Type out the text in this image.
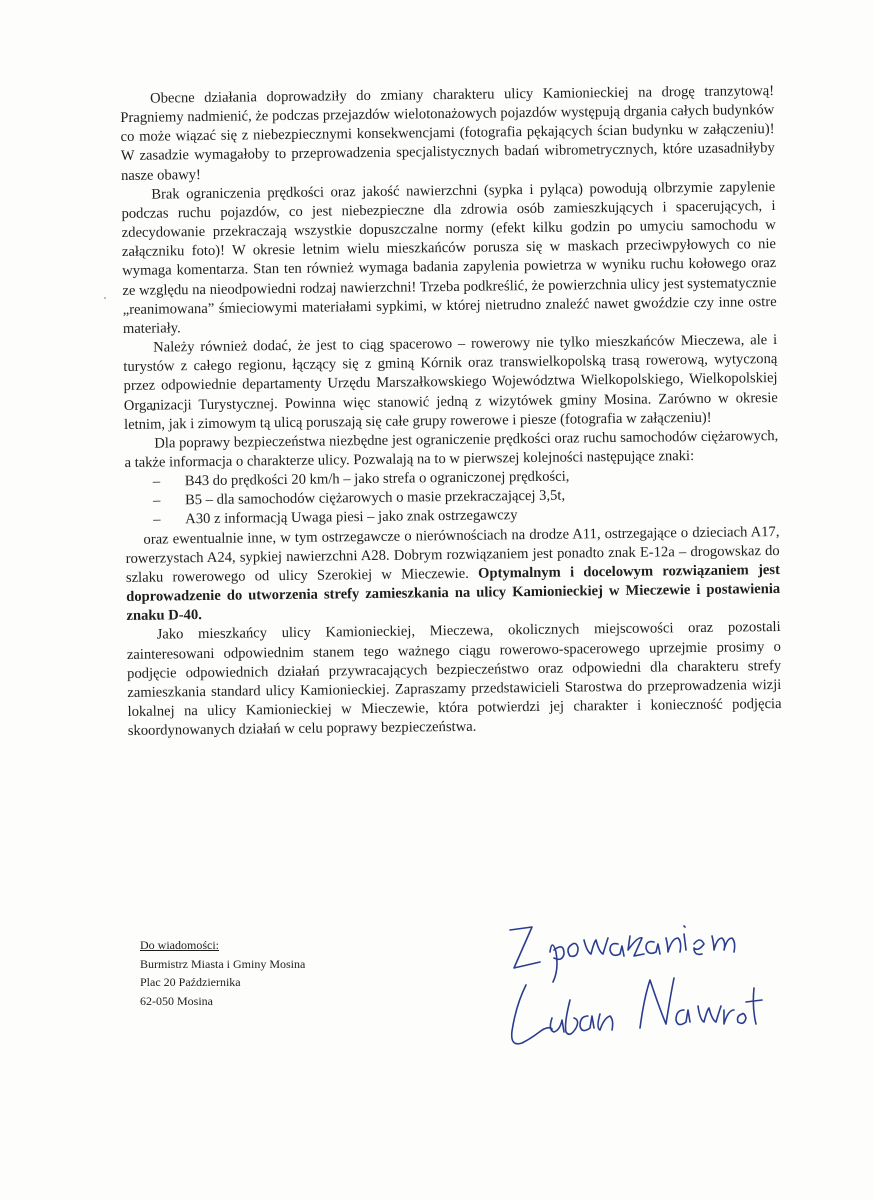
Obecne działania doprowadziły do zmiany charakteru ulicy Kamionieckiej na drogę tranzytową! Pragniemy nadmienić, że podczas przejazdów wielotonażowych pojazdów występują drgania całych budynków co może wiązać się z niebezpiecznymi konsekwencjami (fotografia pękających ścian budynku w załączeniu)! W zasadzie wymagałoby to przeprowadzenia specjalistycznych badań wibrometrycznych, które uzasadniłyby nasze obawy!

Brak ograniczenia prędkości oraz jakość nawierzchni (sypka i pyląca) powodują olbrzymie zapylenie podczas ruchu pojazdów, co jest niebezpieczne dla zdrowia osób zamieszkujących i spacerujących, i zdecydowanie przekraczają wszystkie dopuszczalne normy (efekt kilku godzin po umyciu samochodu w załączniku foto)! W okresie letnim wielu mieszkańców porusza się w maskach przeciwpyłowych co nie wymaga komentarza. Stan ten również wymaga badania zapylenia powietrza w wyniku ruchu kołowego oraz ze względu na nieodpowiedni rodzaj nawierzchni! Trzeba podkreślić, że powierzchnia ulicy jest systematycznie „reanimowana” śmieciowymi materiałami sypkimi, w której nietrudno znaleźć nawet gwoździe czy inne ostre materiały.

Należy również dodać, że jest to ciąg spacerowo – rowerowy nie tylko mieszkańców Mieczewa, ale i turystów z całego regionu, łączący się z gminą Kórnik oraz transwielkopolską trasą rowerową, wytyczoną przez odpowiednie departamenty Urzędu Marszałkowskiego Województwa Wielkopolskiego, Wielkopolskiej Organizacji Turystycznej. Powinna więc stanowić jedną z wizytówek gminy Mosina. Zarówno w okresie letnim, jak i zimowym tą ulicą poruszają się całe grupy rowerowe i piesze (fotografia w załączeniu)!

Dla poprawy bezpieczeństwa niezbędne jest ograniczenie prędkości oraz ruchu samochodów ciężarowych, a także informacja o charakterze ulicy. Pozwalają na to w pierwszej kolejności następujące znaki:

–	B43 do prędkości 20 km/h – jako strefa o ograniczonej prędkości,
–	B5 – dla samochodów ciężarowych o masie przekraczającej 3,5t,
–	A30 z informacją Uwaga piesi – jako znak ostrzegawczy

oraz ewentualnie inne, w tym ostrzegawcze o nierównościach na drodze A11, ostrzegające o dzieciach A17, rowerzystach A24, sypkiej nawierzchni A28. Dobrym rozwiązaniem jest ponadto znak E-12a – drogowskaz do szlaku rowerowego od ulicy Szerokiej w Mieczewie. Optymalnym i docelowym rozwiązaniem jest doprowadzenie do utworzenia strefy zamieszkania na ulicy Kamionieckiej w Mieczewie i postawienia znaku D-40.

Jako mieszkańcy ulicy Kamionieckiej, Mieczewa, okolicznych miejscowości oraz pozostali zainteresowani odpowiednim stanem tego ważnego ciągu rowerowo-spacerowego uprzejmie prosimy o podjęcie odpowiednich działań przywracających bezpieczeństwo oraz odpowiedni dla charakteru strefy zamieszkania standard ulicy Kamionieckiej. Zapraszamy przedstawicieli Starostwa do przeprowadzenia wizji lokalnej na ulicy Kamionieckiej w Mieczewie, która potwierdzi jej charakter i konieczność podjęcia skoordynowanych działań w celu poprawy bezpieczeństwa.

Do wiadomości:
Burmistrz Miasta i Gminy Mosina
Plac 20 Października
62-050 Mosina
